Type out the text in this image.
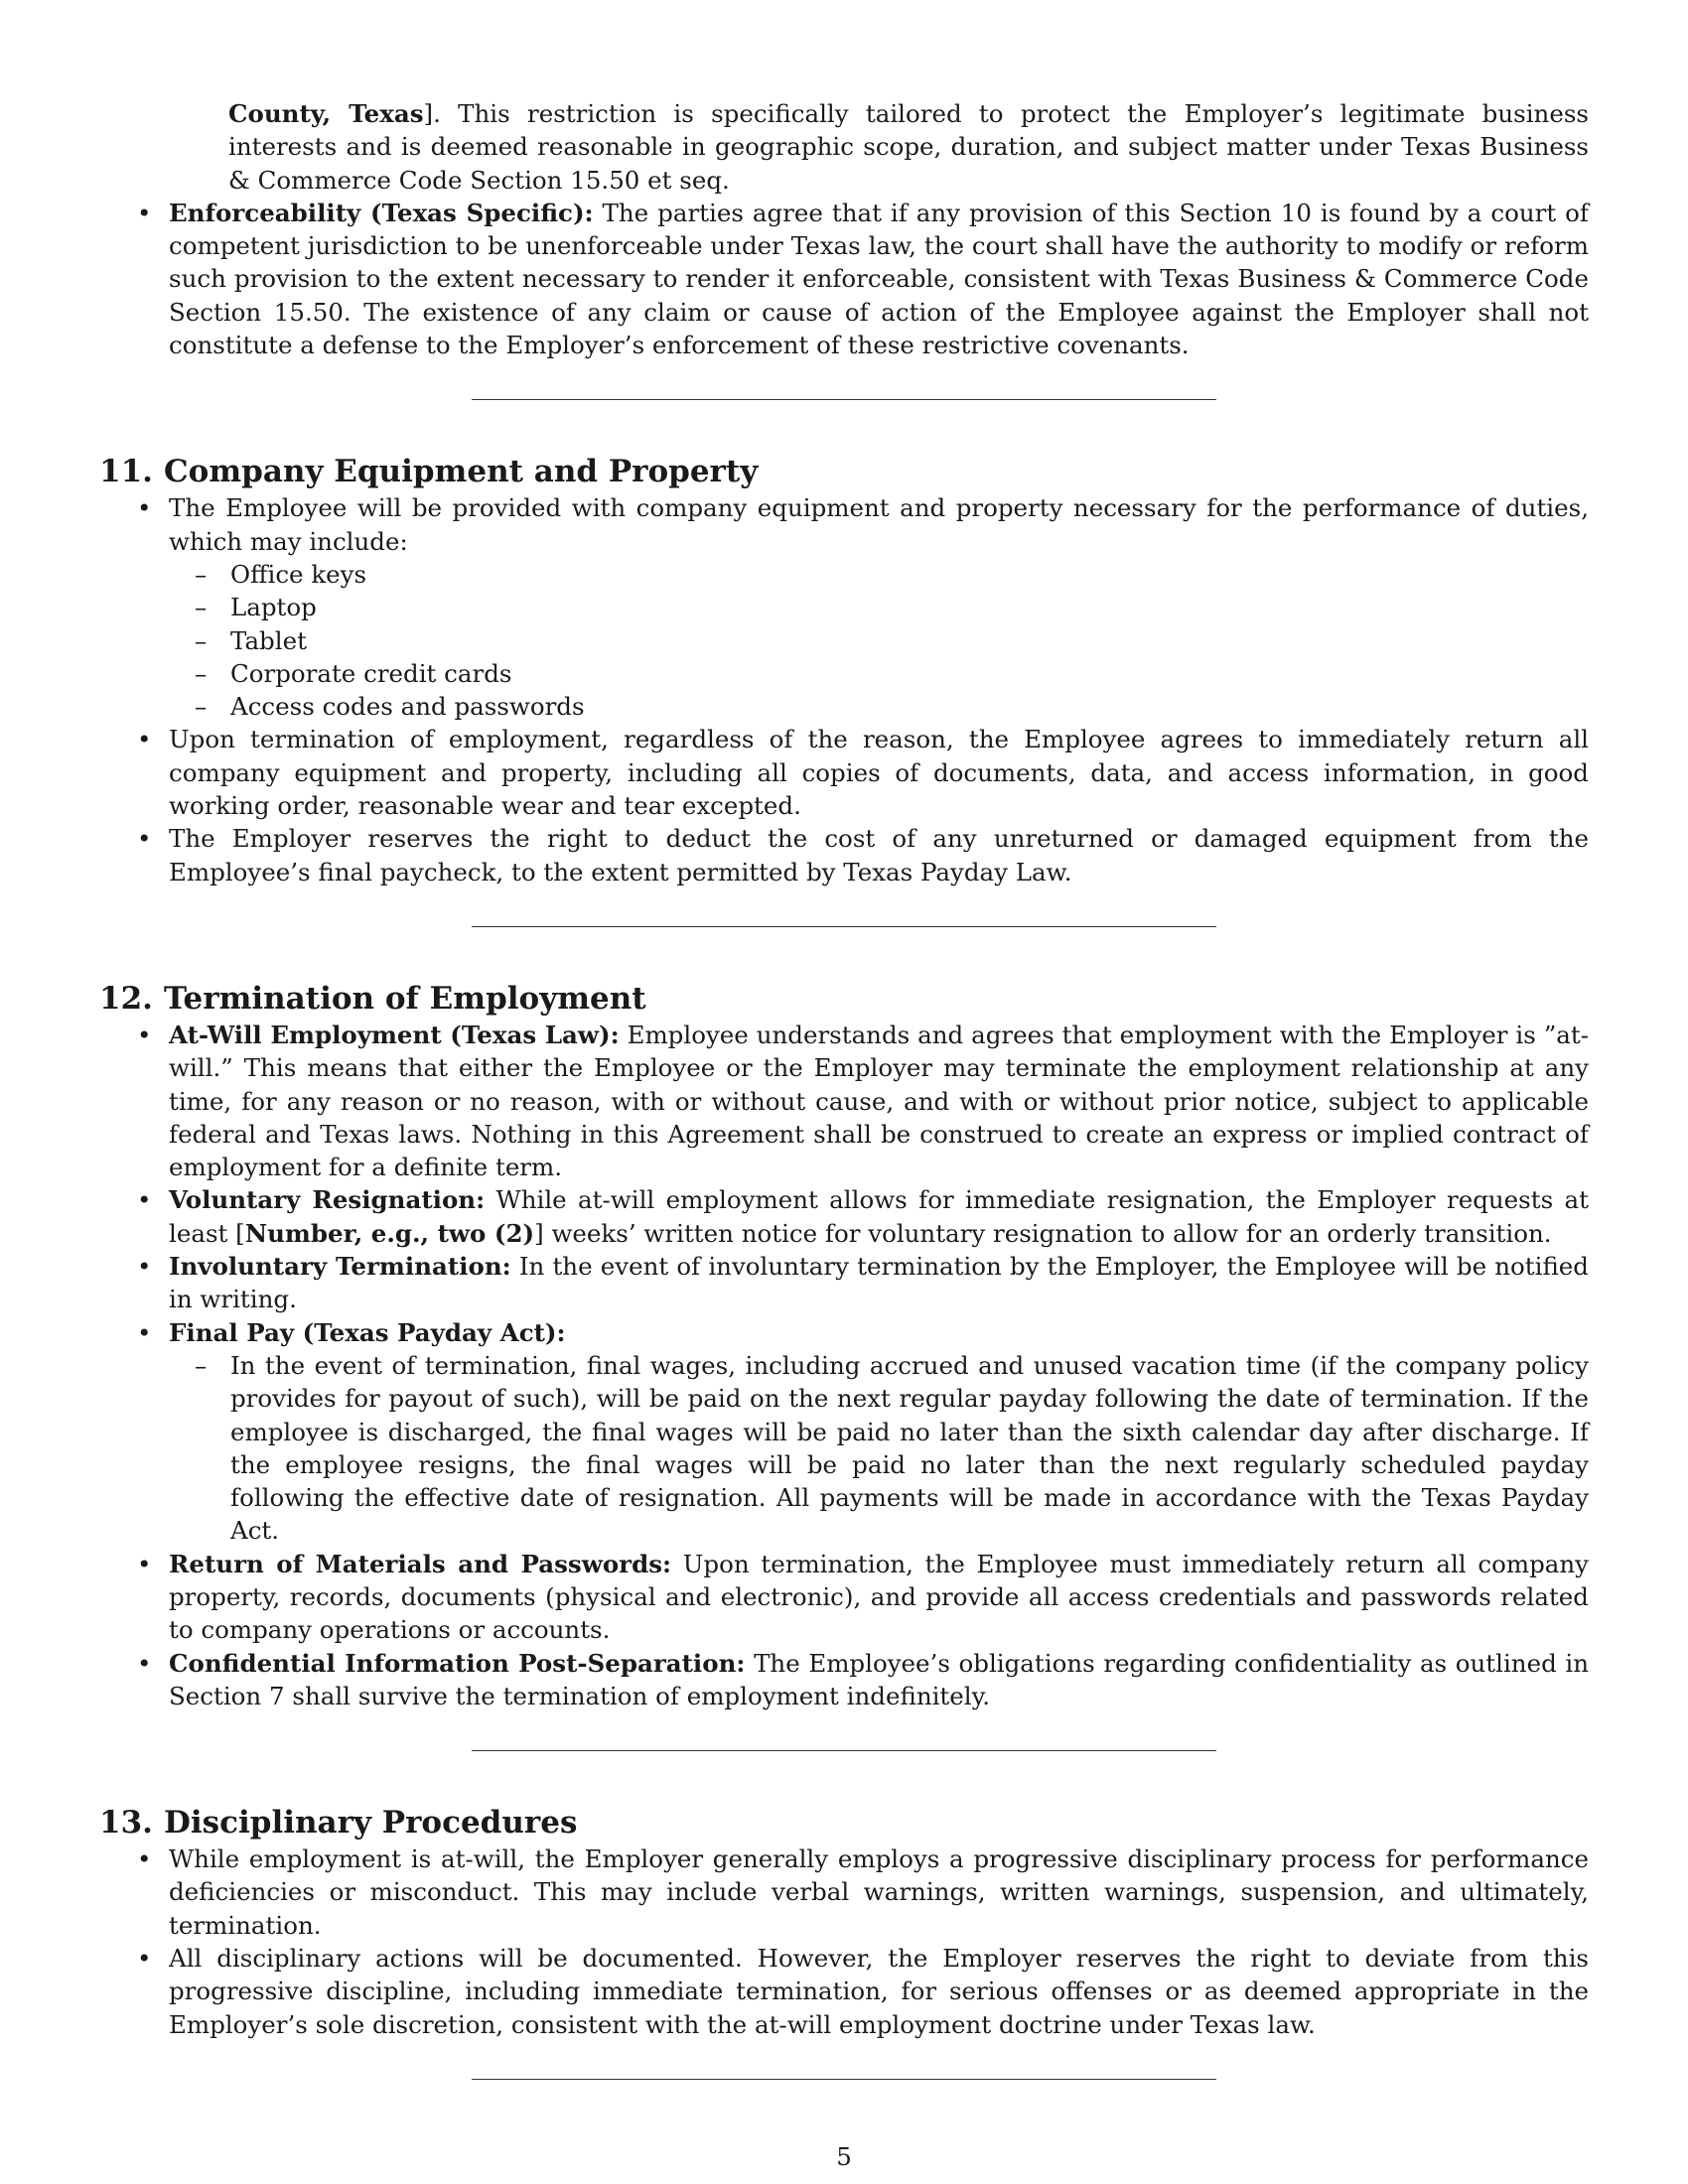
County, Texas]. This restriction is specifically tailored to protect the Employer’s legitimate business interests and is deemed reasonable in geographic scope, duration, and subject matter under Texas Business & Commerce Code Section 15.50 et seq.

• Enforceability (Texas Specific): The parties agree that if any provision of this Section 10 is found by a court of competent jurisdiction to be unenforceable under Texas law, the court shall have the authority to modify or reform such provision to the extent necessary to render it enforceable, consistent with Texas Business & Commerce Code Section 15.50. The existence of any claim or cause of action of the Employee against the Employer shall not constitute a defense to the Employer’s enforcement of these restrictive covenants.
11. Company Equipment and Property
• The Employee will be provided with company equipment and property necessary for the performance of duties, which may include:
– Office keys
– Laptop
– Tablet
– Corporate credit cards
– Access codes and passwords
• Upon termination of employment, regardless of the reason, the Employee agrees to immediately return all company equipment and property, including all copies of documents, data, and access information, in good working order, reasonable wear and tear excepted.
• The Employer reserves the right to deduct the cost of any unreturned or damaged equipment from the Employee’s final paycheck, to the extent permitted by Texas Payday Law.
12. Termination of Employment
• At-Will Employment (Texas Law): Employee understands and agrees that employment with the Employer is ”at-will.” This means that either the Employee or the Employer may terminate the employment relationship at any time, for any reason or no reason, with or without cause, and with or without prior notice, subject to applicable federal and Texas laws. Nothing in this Agreement shall be construed to create an express or implied contract of employment for a definite term.
• Voluntary Resignation: While at-will employment allows for immediate resignation, the Employer requests at least [Number, e.g., two (2)] weeks’ written notice for voluntary resignation to allow for an orderly transition.
• Involuntary Termination: In the event of involuntary termination by the Employer, the Employee will be notified in writing.
• Final Pay (Texas Payday Act):
– In the event of termination, final wages, including accrued and unused vacation time (if the company policy provides for payout of such), will be paid on the next regular payday following the date of termination. If the employee is discharged, the final wages will be paid no later than the sixth calendar day after discharge. If the employee resigns, the final wages will be paid no later than the next regularly scheduled payday following the effective date of resignation. All payments will be made in accordance with the Texas Payday Act.
• Return of Materials and Passwords: Upon termination, the Employee must immediately return all company property, records, documents (physical and electronic), and provide all access credentials and passwords related to company operations or accounts.
• Confidential Information Post-Separation: The Employee’s obligations regarding confidentiality as outlined in Section 7 shall survive the termination of employment indefinitely.
13. Disciplinary Procedures
• While employment is at-will, the Employer generally employs a progressive disciplinary process for performance deficiencies or misconduct. This may include verbal warnings, written warnings, suspension, and ultimately, termination.
• All disciplinary actions will be documented. However, the Employer reserves the right to deviate from this progressive discipline, including immediate termination, for serious offenses or as deemed appropriate in the Employer’s sole discretion, consistent with the at-will employment doctrine under Texas law.
5
